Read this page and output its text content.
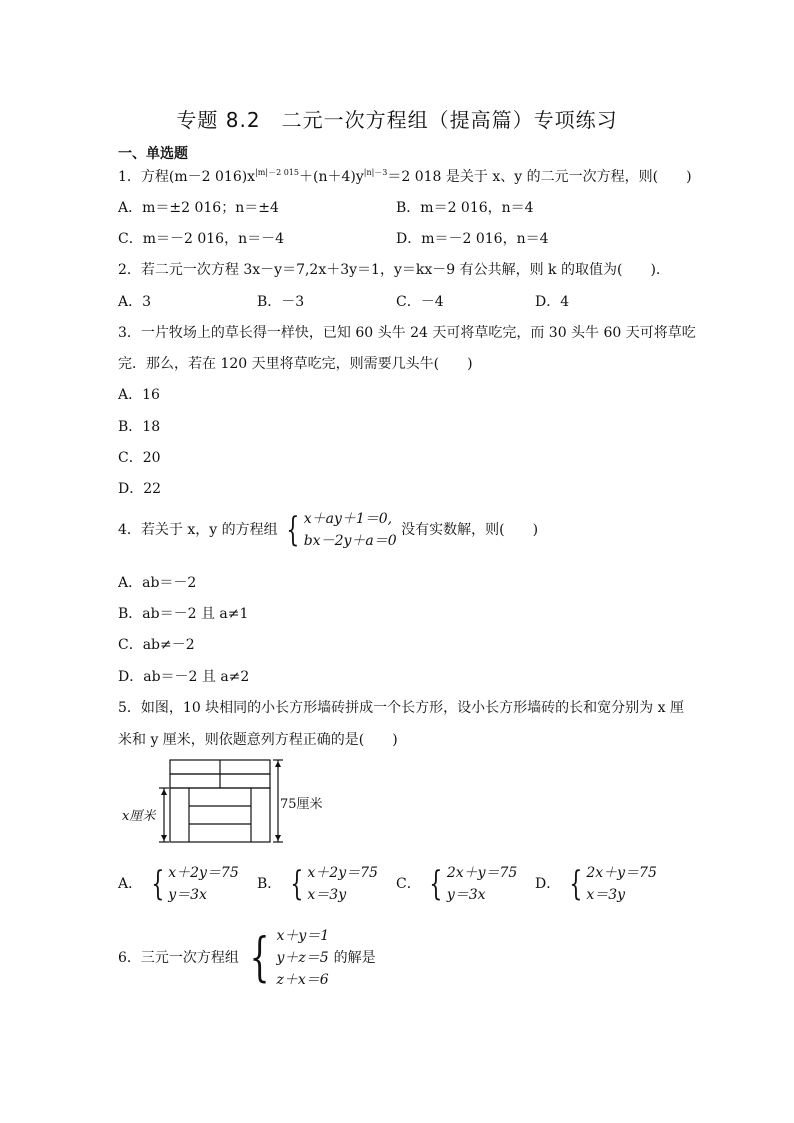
专题 8.2　二元一次方程组（提高篇）专项练习
一、单选题
1．方程(m－2 $016)x^{|m|-2 015}+(n+4)y^{|n|-3}=2$ 018 是关于 x、y 的二元一次方程，则(　　)
A．m＝±2 016；n＝±4	B．m＝2 016，n＝4
C．m＝－2 016，n＝－4	D．m＝－2 016，n＝4
2．若二元一次方程 3x－y＝7,2x＋3y＝1，y＝kx－9 有公共解，则 k 的取值为(　　).
A．3	B．－3	C．－4	D．4
3．一片牧场上的草长得一样快，已知 60 头牛 24 天可将草吃完，而 30 头牛 60 天可将草吃
完．那么，若在 120 天里将草吃完，则需要几头牛(　　)
A．16
B．18
C．20
D．22
4．若关于 x，y 的方程组 { x＋ay＋1＝0,
bx－2y＋a＝0
没有实数解，则(　　)
A．ab＝－2
B．ab＝－2 且 a≠1
C．ab≠－2
D．ab＝－2 且 a≠2
5．如图，10 块相同的小长方形墙砖拼成一个长方形，设小长方形墙砖的长和宽分别为 x 厘
米和 y 厘米，则依题意列方程正确的是(　　)
x厘米
75厘米
A． { x＋2y＝75
y＝3x
B． { x＋2y＝75
x＝3y
C． { 2x＋y＝75
y＝3x
D． { 2x＋y＝75
x＝3y
6．三元一次方程组 { x＋y＝1
y＋z＝5
z＋x＝6
的解是
